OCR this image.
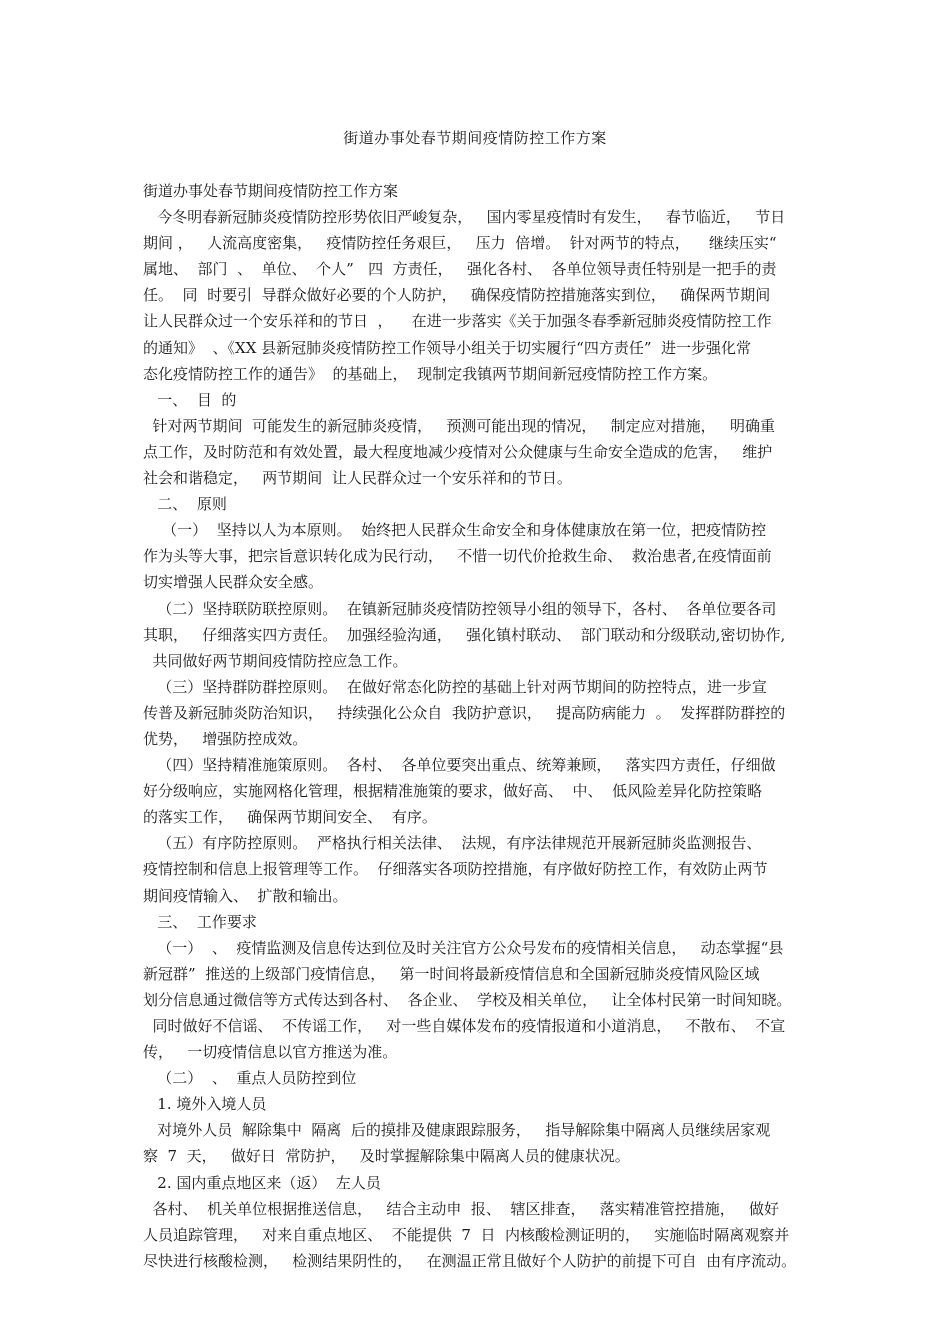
街道办事处春节期间疫情防控工作方案
街道办事处春节期间疫情防控工作方案
今冬明春新冠肺炎疫情防控形势依旧严峻复杂，   国内零星疫情时有发生，   春节临近，   节日
期间 ，   人流高度密集，   疫情防控任务艰巨，   压力  倍增。  针对两节的特点，    继续压实“
属地、  部门  、  单位、  个人”   四  方责任，   强化各村、  各单位领导责任特别是一把手的责
任。  同  时要引  导群众做好必要的个人防护，   确保疫情防控措施落实到位，   确保两节期间
让人民群众过一个安乐祥和的节日  ，    在进一步落实《关于加强冬春季新冠肺炎疫情防控工作
的通知》  、《XX 县新冠肺炎疫情防控工作领导小组关于切实履行“四方责任”  进一步强化常
态化疫情防控工作的通告》  的基础上，  现制定我镇两节期间新冠疫情防控工作方案。
一、  目  的
针对两节期间  可能发生的新冠肺炎疫情，   预测可能出现的情况，   制定应对措施，   明确重
点工作，及时防范和有效处置，最大程度地减少疫情对公众健康与生命安全造成的危害，   维护
社会和谐稳定，   两节期间  让人民群众过一个安乐祥和的节日。
二、  原则
（一）  坚持以人为本原则。  始终把人民群众生命安全和身体健康放在第一位，把疫情防控
作为头等大事，把宗旨意识转化成为民行动，   不惜一切代价抢救生命、  救治患者,在疫情面前
切实增强人民群众安全感。
（二）坚持联防联控原则。  在镇新冠肺炎疫情防控领导小组的领导下，各村、  各单位要各司
其职，   仔细落实四方责任。  加强经验沟通，   强化镇村联动、  部门联动和分级联动,密切协作,
共同做好两节期间疫情防控应急工作。
（三）坚持群防群控原则。  在做好常态化防控的基础上针对两节期间的防控特点，进一步宣
传普及新冠肺炎防治知识，   持续强化公众自  我防护意识，   提高防病能力  。  发挥群防群控的
优势，   增强防控成效。
（四）坚持精准施策原则。  各村、  各单位要突出重点、统筹兼顾，   落实四方责任，仔细做
好分级响应，实施网格化管理，根据精准施策的要求，做好高、  中、  低风险差异化防控策略
的落实工作，   确保两节期间安全、  有序。
（五）有序防控原则。  严格执行相关法律、  法规，有序法律规范开展新冠肺炎监测报告、
疫情控制和信息上报管理等工作。  仔细落实各项防控措施，有序做好防控工作，有效防止两节
期间疫情输入、  扩散和输出。
三、  工作要求
（一）  、  疫情监测及信息传达到位及时关注官方公众号发布的疫情相关信息，   动态掌握“县
新冠群”  推送的上级部门疫情信息，   第一时间将最新疫情信息和全国新冠肺炎疫情风险区域
划分信息通过微信等方式传达到各村、  各企业、  学校及相关单位，   让全体村民第一时间知晓。
同时做好不信谣、  不传谣工作，   对一些自媒体发布的疫情报道和小道消息，   不散布、  不宣
传，   一切疫情信息以官方推送为准。
（二）  、  重点人员防控到位
1. 境外入境人员
对境外人员  解除集中  隔离  后的摸排及健康跟踪服务，   指导解除集中隔离人员继续居家观
察  7  天，   做好日  常防护，   及时掌握解除集中隔离人员的健康状况。
2. 国内重点地区来（返）  左人员
各村、  机关单位根据推送信息，   结合主动申  报、  辖区排查，   落实精准管控措施，   做好
人员追踪管理，   对来自重点地区、  不能提供  7  日  内核酸检测证明的，   实施临时隔离观察并
尽快进行核酸检测，   检测结果阴性的，   在测温正常且做好个人防护的前提下可自  由有序流动。
